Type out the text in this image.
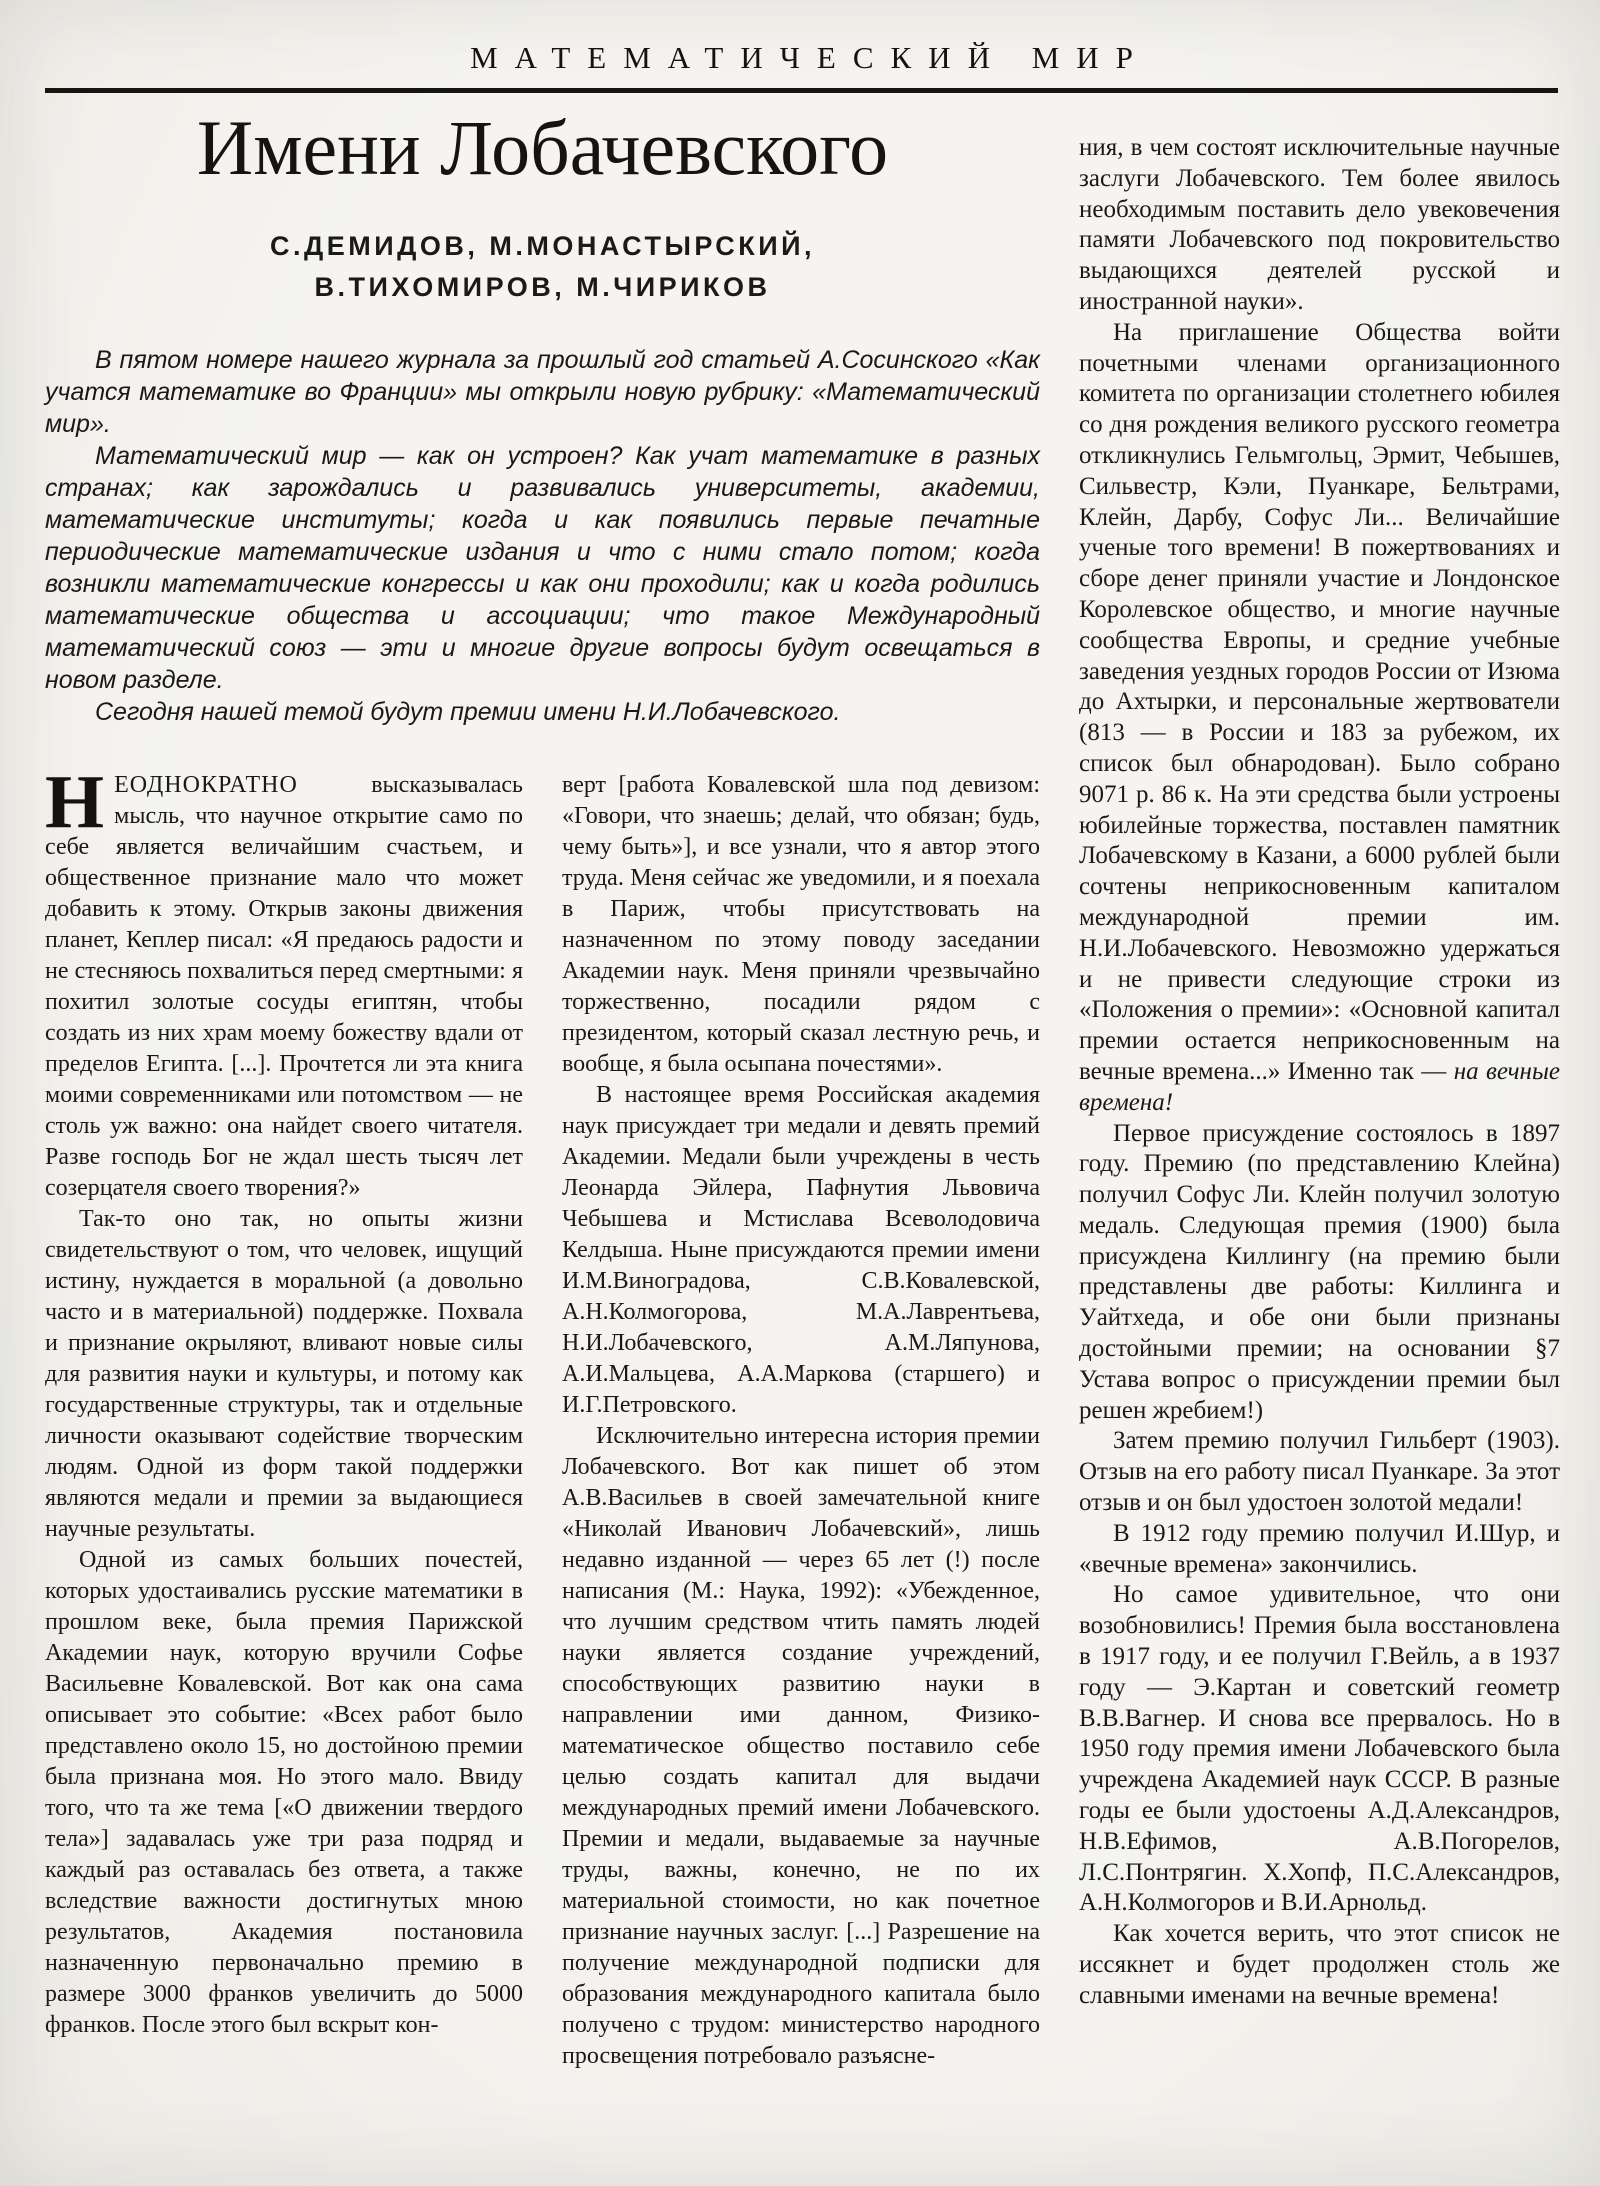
МАТЕМАТИЧЕСКИЙ МИР
Имени Лобачевского
С.ДЕМИДОВ, М.МОНАСТЫРСКИЙ,
В.ТИХОМИРОВ, М.ЧИРИКОВ

В пятом номере нашего журнала за прошлый год статьей А.Сосинского «Как учатся математике во Франции» мы открыли новую рубрику: «Математический мир».

Математический мир — как он устроен? Как учат математике в разных странах; как зарождались и развивались университеты, академии, математические институты; когда и как появились первые печатные периодические математические издания и что с ними стало потом; когда возникли математические конгрессы и как они проходили; как и когда родились математические общества и ассоциации; что такое Международный математический союз — эти и многие другие вопросы будут освещаться в новом разделе.

Сегодня нашей темой будут премии имени Н.И.Лобачевского.

НЕОДНОКРАТНО высказывалась мысль, что научное открытие само по себе является величайшим счастьем, и общественное признание мало что может добавить к этому. Открыв законы движения планет, Кеплер писал: «Я предаюсь радости и не стесняюсь похвалиться перед смертными: я похитил золотые сосуды египтян, чтобы создать из них храм моему божеству вдали от пределов Египта. [...]. Прочтется ли эта книга моими современниками или потомством — не столь уж важно: она найдет своего читателя. Разве господь Бог не ждал шесть тысяч лет созерцателя своего творения?»

Так-то оно так, но опыты жизни свидетельствуют о том, что человек, ищущий истину, нуждается в моральной (а довольно часто и в материальной) поддержке. Похвала и признание окрыляют, вливают новые силы для развития науки и культуры, и потому как государственные структуры, так и отдельные личности оказывают содействие творческим людям. Одной из форм такой поддержки являются медали и премии за выдающиеся научные результаты.

Одной из самых больших почестей, которых удостаивались русские математики в прошлом веке, была премия Парижской Академии наук, которую вручили Софье Васильевне Ковалевской. Вот как она сама описывает это событие: «Всех работ было представлено около 15, но достойною премии была признана моя. Но этого мало. Ввиду того, что та же тема [«О движении твердого тела»] задавалась уже три раза подряд и каждый раз оставалась без ответа, а также вследствие важности достигнутых мною результатов, Академия постановила назначенную первоначально премию в размере 3000 франков увеличить до 5000 франков. После этого был вскрыт кон-

верт [работа Ковалевской шла под девизом: «Говори, что знаешь; делай, что обязан; будь, чему быть»], и все узнали, что я автор этого труда. Меня сейчас же уведомили, и я поехала в Париж, чтобы присутствовать на назначенном по этому поводу заседании Академии наук. Меня приняли чрезвычайно торжественно, посадили рядом с президентом, который сказал лестную речь, и вообще, я была осыпана почестями».

В настоящее время Российская академия наук присуждает три медали и девять премий Академии. Медали были учреждены в честь Леонарда Эйлера, Пафнутия Львовича Чебышева и Мстислава Всеволодовича Келдыша. Ныне присуждаются премии имени И.М.Виноградова, С.В.Ковалевской, А.Н.Колмогорова, М.А.Лаврентьева, Н.И.Лобачевского, А.М.Ляпунова, А.И.Мальцева, А.А.Маркова (старшего) и И.Г.Петровского.

Исключительно интересна история премии Лобачевского. Вот как пишет об этом А.В.Васильев в своей замечательной книге «Николай Иванович Лобачевский», лишь недавно изданной — через 65 лет (!) после написания (М.: Наука, 1992): «Убежденное, что лучшим средством чтить память людей науки является создание учреждений, способствующих развитию науки в направлении ими данном, Физико-математическое общество поставило себе целью создать капитал для выдачи международных премий имени Лобачевского. Премии и медали, выдаваемые за научные труды, важны, конечно, не по их материальной стоимости, но как почетное признание научных заслуг. [...] Разрешение на получение международной подписки для образования международного капитала было получено с трудом: министерство народного просвещения потребовало разъясне-

ния, в чем состоят исключительные научные заслуги Лобачевского. Тем более явилось необходимым поставить дело увековечения памяти Лобачевского под покровительство выдающихся деятелей русской и иностранной науки».

На приглашение Общества войти почетными членами организационного комитета по организации столетнего юбилея со дня рождения великого русского геометра откликнулись Гельмгольц, Эрмит, Чебышев, Сильвестр, Кэли, Пуанкаре, Бельтрами, Клейн, Дарбу, Софус Ли... Величайшие ученые того времени! В пожертвованиях и сборе денег приняли участие и Лондонское Королевское общество, и многие научные сообщества Европы, и средние учебные заведения уездных городов России от Изюма до Ахтырки, и персональные жертвователи (813 — в России и 183 за рубежом, их список был обнародован). Было собрано 9071 р. 86 к. На эти средства были устроены юбилейные торжества, поставлен памятник Лобачевскому в Казани, а 6000 рублей были сочтены неприкосновенным капиталом международной премии им. Н.И.Лобачевского. Невозможно удержаться и не привести следующие строки из «Положения о премии»: «Основной капитал премии остается неприкосновенным на вечные времена...» Именно так — на вечные времена!

Первое присуждение состоялось в 1897 году. Премию (по представлению Клейна) получил Софус Ли. Клейн получил золотую медаль. Следующая премия (1900) была присуждена Киллингу (на премию были представлены две работы: Киллинга и Уайтхеда, и обе они были признаны достойными премии; на основании §7 Устава вопрос о присуждении премии был решен жребием!)

Затем премию получил Гильберт (1903). Отзыв на его работу писал Пуанкаре. За этот отзыв и он был удостоен золотой медали!

В 1912 году премию получил И.Шур, и «вечные времена» закончились.

Но самое удивительное, что они возобновились! Премия была восстановлена в 1917 году, и ее получил Г.Вейль, а в 1937 году — Э.Картан и советский геометр В.В.Вагнер. И снова все прервалось. Но в 1950 году премия имени Лобачевского была учреждена Академией наук СССР. В разные годы ее были удостоены А.Д.Александров, Н.В.Ефимов, А.В.Погорелов, Л.С.Понтрягин. Х.Хопф, П.С.Александров, А.Н.Колмогоров и В.И.Арнольд.

Как хочется верить, что этот список не иссякнет и будет продолжен столь же славными именами на вечные времена!
